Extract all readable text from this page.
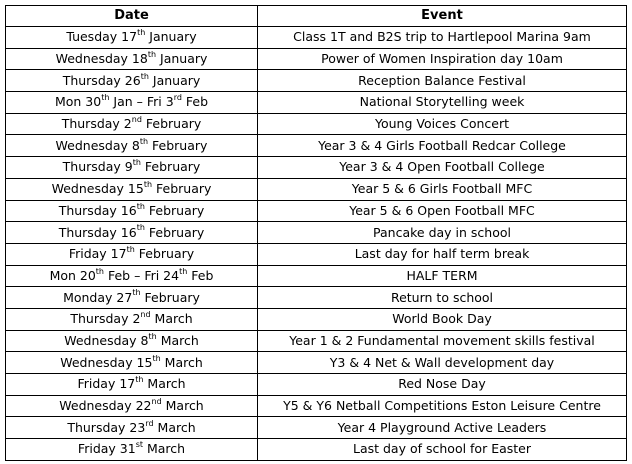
Date	Event
Tuesday 17th January	Class 1T and B2S trip to Hartlepool Marina 9am
Wednesday 18th January	Power of Women Inspiration day 10am
Thursday 26th January	Reception Balance Festival
Mon 30th Jan – Fri 3rd Feb	National Storytelling week
Thursday 2nd February	Young Voices Concert
Wednesday 8th February	Year 3 & 4 Girls Football Redcar College
Thursday 9th February	Year 3 & 4 Open Football College
Wednesday 15th February	Year 5 & 6 Girls Football MFC
Thursday 16th February	Year 5 & 6 Open Football MFC
Thursday 16th February	Pancake day in school
Friday 17th February	Last day for half term break
Mon 20th Feb – Fri 24th Feb	HALF TERM
Monday 27th February	Return to school
Thursday 2nd March	World Book Day
Wednesday 8th March	Year 1 & 2 Fundamental movement skills festival
Wednesday 15th March	Y3 & 4 Net & Wall development day
Friday 17th March	Red Nose Day
Wednesday 22nd March	Y5 & Y6 Netball Competitions Eston Leisure Centre
Thursday 23rd March	Year 4 Playground Active Leaders
Friday 31st March	Last day of school for Easter
